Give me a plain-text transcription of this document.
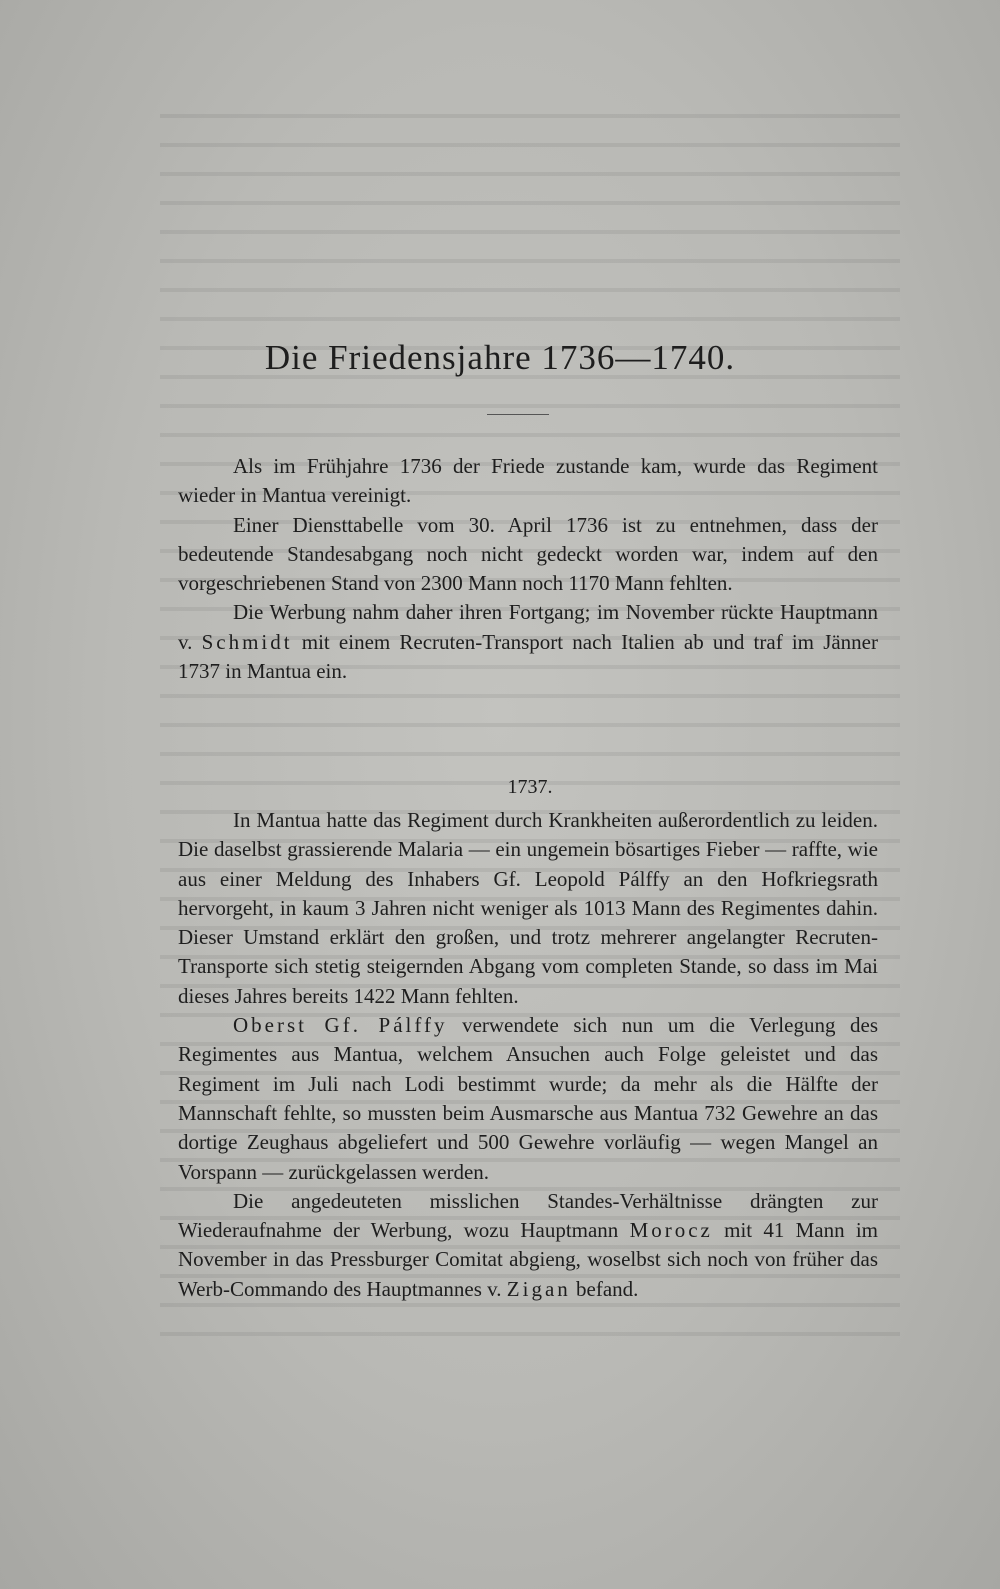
Die Friedensjahre 1736—1740.

Als im Frühjahre 1736 der Friede zustande kam, wurde das Regiment wieder in Mantua vereinigt.

Einer Diensttabelle vom 30. April 1736 ist zu entnehmen, dass der bedeutende Standesabgang noch nicht gedeckt worden war, indem auf den vorgeschriebenen Stand von 2300 Mann noch 1170 Mann fehlten.

Die Werbung nahm daher ihren Fortgang; im November rückte Hauptmann v. Schmidt mit einem Recruten-Transport nach Italien ab und traf im Jänner 1737 in Mantua ein.

1737.

In Mantua hatte das Regiment durch Krankheiten außerordentlich zu leiden. Die daselbst grassierende Malaria — ein ungemein bösartiges Fieber — raffte, wie aus einer Meldung des Inhabers Gf. Leopold Pálffy an den Hofkriegsrath hervorgeht, in kaum 3 Jahren nicht weniger als 1013 Mann des Regimentes dahin. Dieser Umstand erklärt den großen, und trotz mehrerer angelangter Recruten-Transporte sich stetig steigernden Abgang vom completen Stande, so dass im Mai dieses Jahres bereits 1422 Mann fehlten.

Oberst Gf. Pálffy verwendete sich nun um die Verlegung des Regimentes aus Mantua, welchem Ansuchen auch Folge geleistet und das Regiment im Juli nach Lodi bestimmt wurde; da mehr als die Hälfte der Mannschaft fehlte, so mussten beim Ausmarsche aus Mantua 732 Gewehre an das dortige Zeughaus abgeliefert und 500 Gewehre vorläufig — wegen Mangel an Vorspann — zurückgelassen werden.

Die angedeuteten misslichen Standes-Verhältnisse drängten zur Wiederaufnahme der Werbung, wozu Hauptmann Morocz mit 41 Mann im November in das Pressburger Comitat abgieng, woselbst sich noch von früher das Werb-Commando des Hauptmannes v. Zigan befand.
